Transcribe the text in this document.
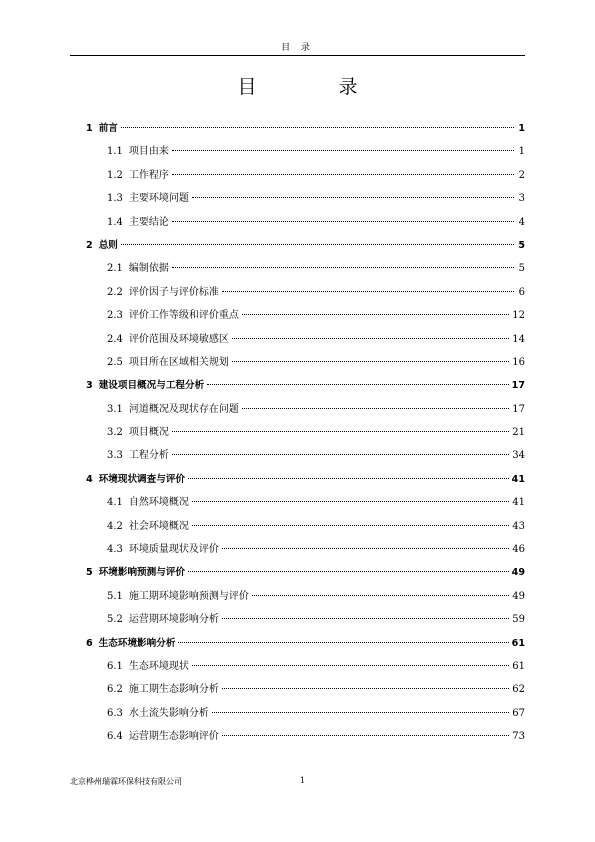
目 录
目 录
1 前言	1
1.1 项目由来	1
1.2 工作程序	2
1.3 主要环境问题	3
1.4 主要结论	4
2 总则	5
2.1 编制依据	5
2.2 评价因子与评价标准	6
2.3 评价工作等级和评价重点	12
2.4 评价范围及环境敏感区	14
2.5 项目所在区域相关规划	16
3 建设项目概况与工程分析	17
3.1 河道概况及现状存在问题	17
3.2 项目概况	21
3.3 工程分析	34
4 环境现状调查与评价	41
4.1 自然环境概况	41
4.2 社会环境概况	43
4.3 环境质量现状及评价	46
5 环境影响预测与评价	49
5.1 施工期环境影响预测与评价	49
5.2 运营期环境影响分析	59
6 生态环境影响分析	61
6.1 生态环境现状	61
6.2 施工期生态影响分析	62
6.3 水土流失影响分析	67
6.4 运营期生态影响评价	73
北京桦州瑞霖环保科技有限公司	1
